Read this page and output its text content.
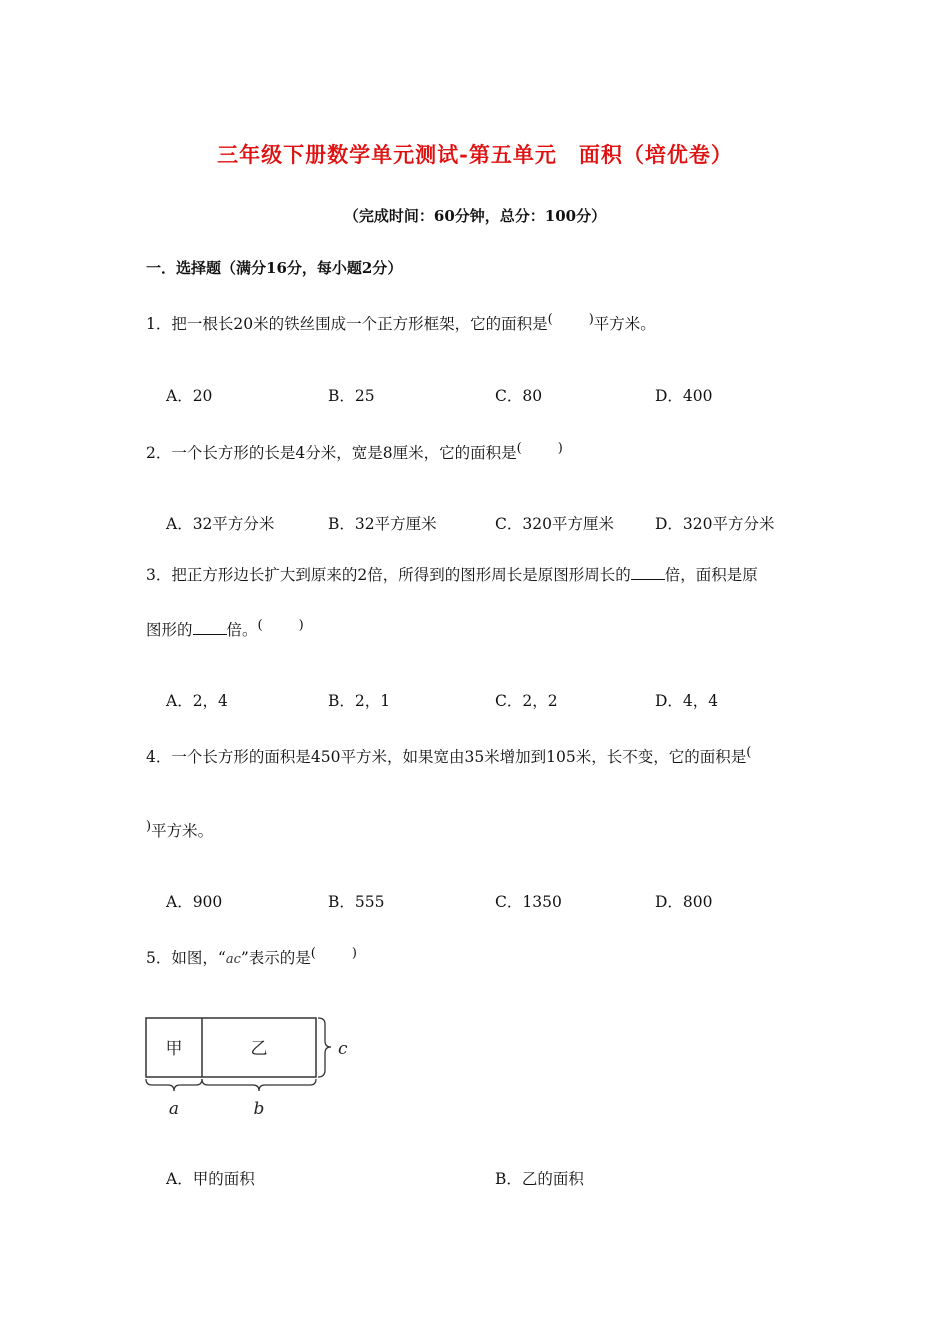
三年级下册数学单元测试-第五单元　面积（培优卷）
（完成时间：60分钟，总分：100分）
一．选择题（满分16分，每小题2分）
1．把一根长20米的铁丝围成一个正方形框架，它的面积是(	)平方米。
A．20	B．25	C．80	D．400
2．一个长方形的长是4分米，宽是8厘米，它的面积是(	)
A．32平方分米	B．32平方厘米	C．320平方厘米	D．320平方分米
3．把正方形边长扩大到原来的2倍，所得到的图形周长是原图形周长的 倍，面积是原
图形的 倍。(	)
A．2，4	B．2，1	C．2，2	D．4，4
4．一个长方形的面积是450平方米，如果宽由35米增加到105米，长不变，它的面积是(
)平方米。
A．900	B．555	C．1350	D．800
5．如图，“ac”表示的是(	)
甲	乙	c
a	b
A．甲的面积	B．乙的面积
